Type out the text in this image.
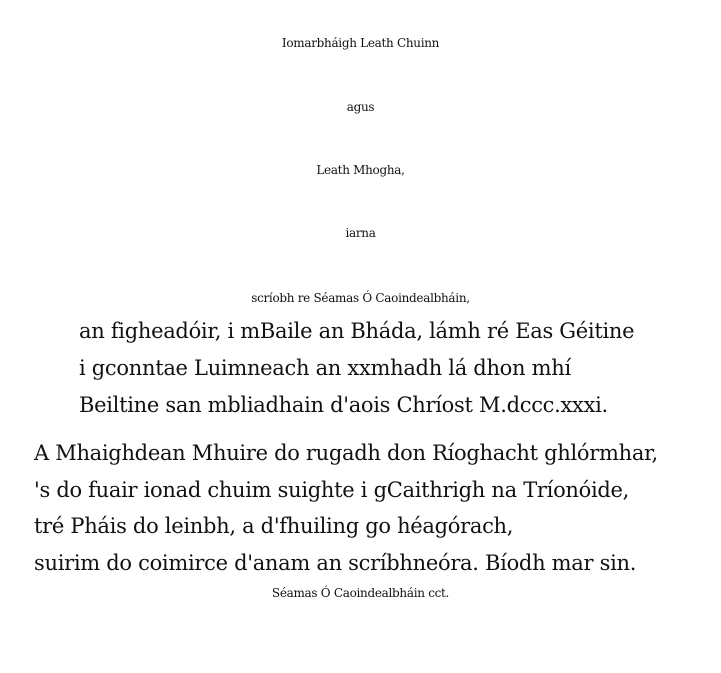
Iomarbháigh Leath Chuinn
agus
Leath Mhogha,
iarna
scríobh re Séamas Ó Caoindealbháin,
an figheadóir, i mBaile an Bháda, lámh ré Eas Géitine
i gconntae Luimneach an xxmhadh lá dhon mhí
Beiltine san mbliadhain d'aois Chríost M.dccc.xxxi.
A Mhaighdean Mhuire do rugadh don Ríoghacht ghlórmhar,
's do fuair ionad chuim suighte i gCaithrigh na Tríonóide,
tré Pháis do leinbh, a d'fhuiling go héagórach,
suirim do coimirce d'anam an scríbhneóra. Bíodh mar sin.
Séamas Ó Caoindealbháin cct.
